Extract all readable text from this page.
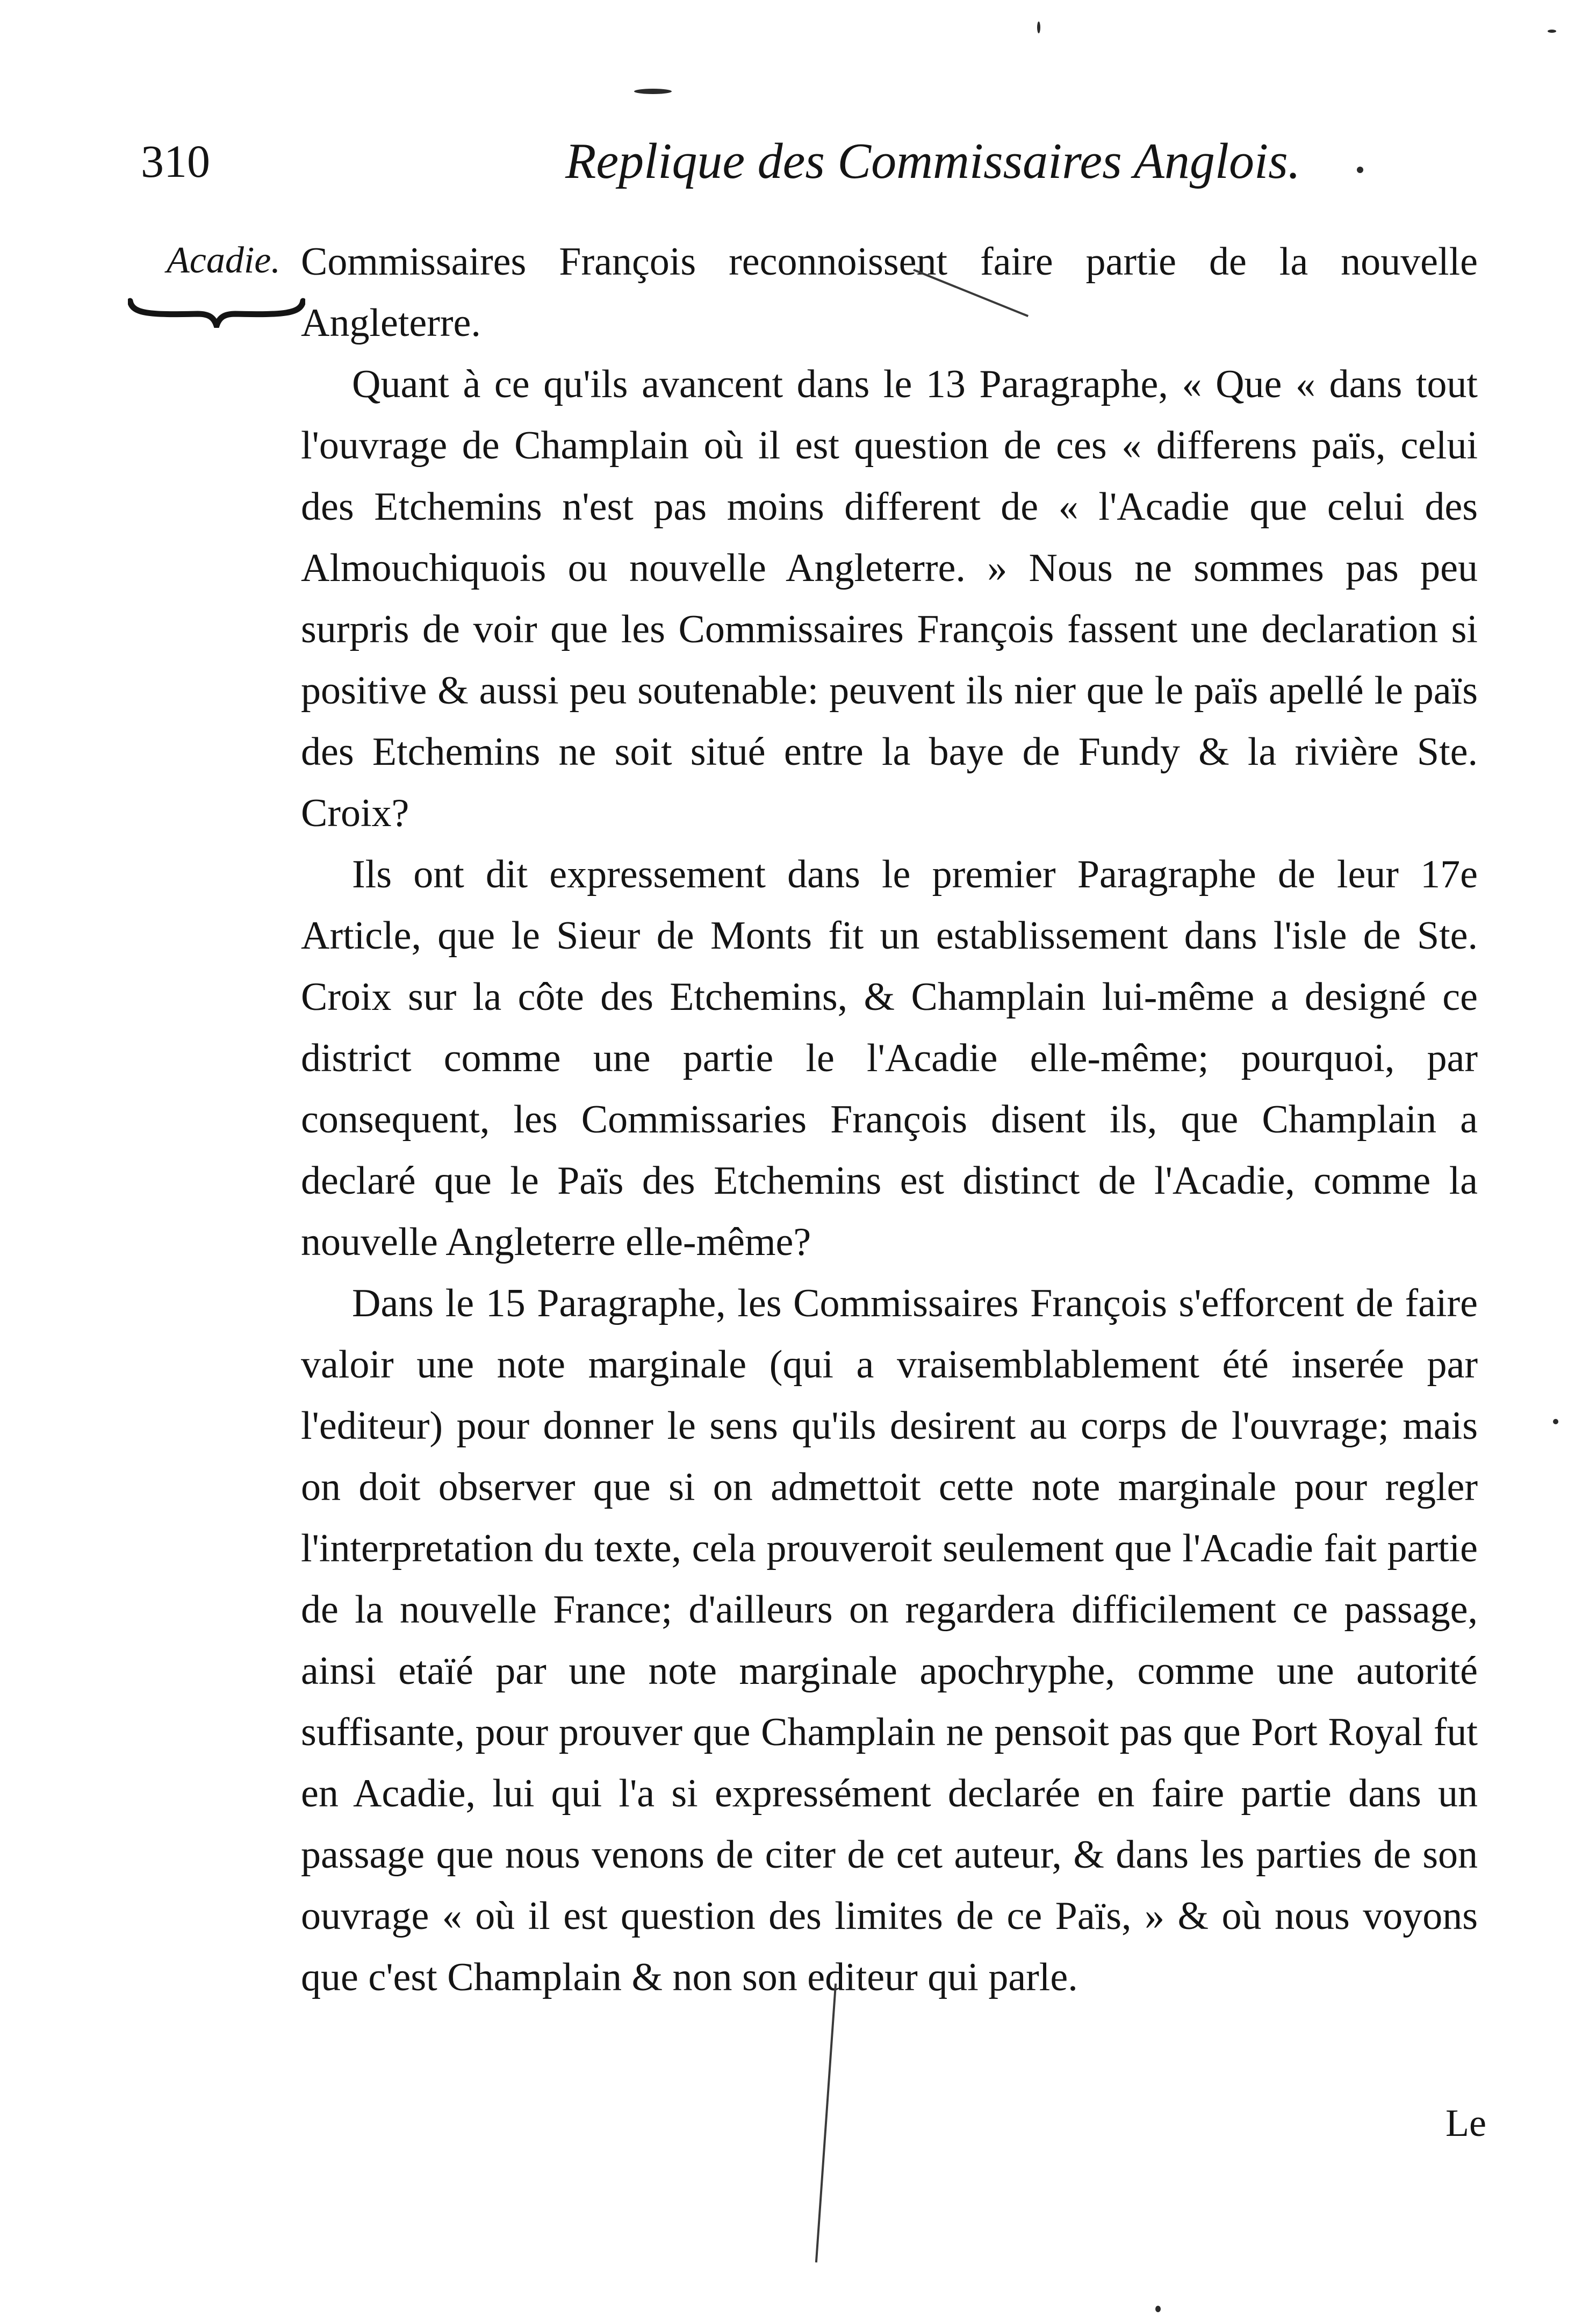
310	Replique des Commissaires Anglois.
Acadie. Commissaires François reconnoissent faire partie de la nouvelle Angleterre.

Quant à ce qu'ils avancent dans le 13 Paragraphe, « Que « dans tout l'ouvrage de Champlain où il est question de ces « differens païs, celui des Etchemins n'est pas moins different de « l'Acadie que celui des Almouchiquois ou nouvelle Angleterre. » Nous ne sommes pas peu surpris de voir que les Commissaires François fassent une declaration si positive & aussi peu soutenable: peuvent ils nier que le païs apellé le païs des Etchemins ne soit situé entre la baye de Fundy & la rivière Ste. Croix?

Ils ont dit expressement dans le premier Paragraphe de leur 17e Article, que le Sieur de Monts fit un establissement dans l'isle de Ste. Croix sur la côte des Etchemins, & Champlain lui-même a designé ce district comme une partie le l'Acadie elle-même; pourquoi, par consequent, les Commissaries François disent ils, que Champlain a declaré que le Païs des Etchemins est distinct de l'Acadie, comme la nouvelle Angleterre elle-même?

Dans le 15 Paragraphe, les Commissaires François s'efforcent de faire valoir une note marginale (qui a vraisemblablement été inserée par l'editeur) pour donner le sens qu'ils desirent au corps de l'ouvrage; mais on doit observer que si on admettoit cette note marginale pour regler l'interpretation du texte, cela prouveroit seulement que l'Acadie fait partie de la nouvelle France; d'ailleurs on regardera difficilement ce passage, ainsi etaïé par une note marginale apochryphe, comme une autorité suffisante, pour prouver que Champlain ne pensoit pas que Port Royal fut en Acadie, lui qui l'a si expressément declarée en faire partie dans un passage que nous venons de citer de cet auteur, & dans les parties de son ouvrage « où il est question des limites de ce Païs, » & où nous voyons que c'est Champlain & non son editeur qui parle.

Le
